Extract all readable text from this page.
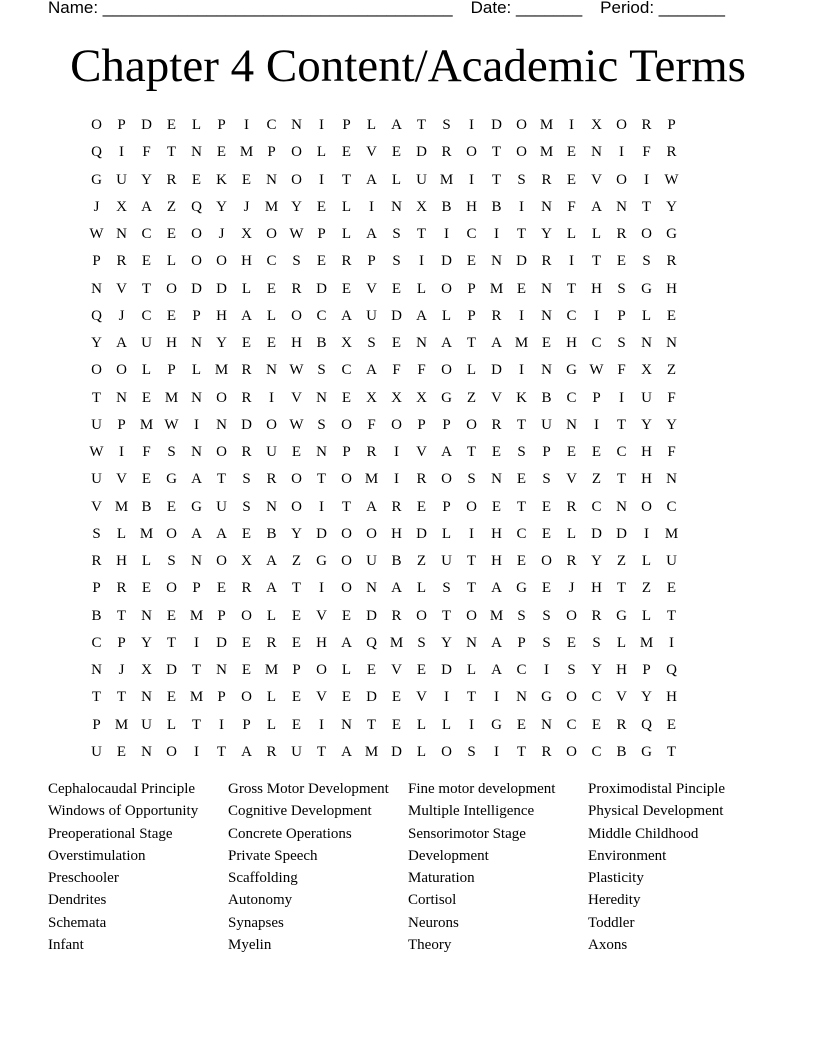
Name: _____________________________________ Date: _______ Period: _______
Chapter 4 Content/Academic Terms
O	P	D E	L	P	I	C N	I	P	L	A T	S	I	D O M	I	X O R	P
Q	I	F	T	N E M P	O L	E	V E	D R O T	O M E	N	I	F	R
G U Y R	E	K E	N O	I	T	A L	U M	I	T	S	R	E	V O	I	W
J	X A Z	Q Y	J	M Y E	L	I	N X B H B	I	N	F	A N T	Y
W N C	E	O	J	X O W P	L	A	S	T	I	C	I	T	Y L	L	R O G
P	R	E	L	O O H C	S	E	R	P	S	I	D E	N D R	I	T	E	S	R
N V T	O D D L	E	R D E	V E	L	O	P M E	N T	H	S	G H
Q	J	C	E	P	H A L	O C A U D A L	P	R	I	N C	I	P	L	E
Y A U H N Y E	E	H B X	S	E	N A T	A M E	H C	S	N N
O O L	P	L M R N W S	C A	F	F	O L	D	I	N G W F	X Z
T	N E M N O R	I	V N E	X X X G Z	V K B C	P	I	U	F
U	P M W	I	N D O W S	O	F	O	P	P	O R	T	U N	I	T	Y Y
W	I	F	S	N O R U E	N	P	R	I	V A T	E	S	P	E	E	C H	F
U V E	G A T	S	R O T	O M	I	R O	S	N E	S	V Z	T	H N
V M B	E	G U	S	N O	I	T	A R	E	P	O E	T	E	R C N O C
S	L M O A A E	B Y D O O H D L	I	H C	E	L	D D	I	M
R H L	S	N O X A Z	G O U B	Z	U T	H E	O R Y Z	L	U
P	R	E	O	P	E	R A T	I	O N A L	S	T	A G E	J	H T	Z	E
B	T	N E M P	O L	E	V E	D R O T	O M S	S	O R G L	T
C	P	Y T	I	D E	R	E	H A Q M S	Y N A	P	S	E	S	L M	I
N	J	X D T	N E M P	O L	E	V E	D L	A C	I	S	Y H	P	Q
T	T	N E M P	O L	E	V E	D E	V	I	T	I	N G O C V Y H
P M U L	T	I	P	L	E	I	N T	E	L	L	I	G E	N C	E	R Q E
U E	N O	I	T	A R U T	A M D L	O	S	I	T	R O C B G T
Cephalocaudal Principle	Gross Motor Development	Fine motor development	Proximodistal Pinciple
Windows of Opportunity	Cognitive Development	Multiple Intelligence	Physical Development
Preoperational Stage	Concrete Operations	Sensorimotor Stage	Middle Childhood
Overstimulation	Private Speech	Development	Environment
Preschooler	Scaffolding	Maturation	Plasticity
Dendrites	Autonomy	Cortisol	Heredity
Schemata	Synapses	Neurons	Toddler
Infant	Myelin	Theory	Axons
